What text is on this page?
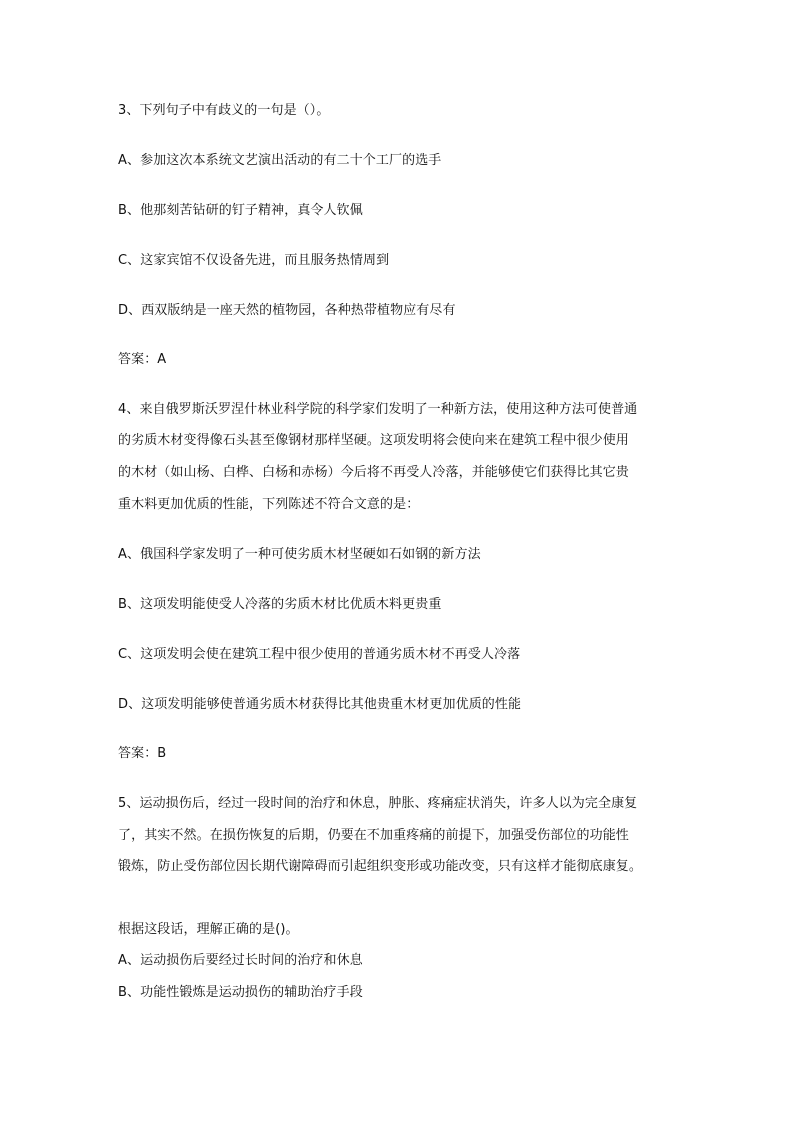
3、下列句子中有歧义的一句是（）。
A、参加这次本系统文艺演出活动的有二十个工厂的选手
B、他那刻苦钻研的钉子精神，真令人钦佩
C、这家宾馆不仅设备先进，而且服务热情周到
D、西双版纳是一座天然的植物园，各种热带植物应有尽有
答案：A
4、来自俄罗斯沃罗涅什林业科学院的科学家们发明了一种新方法，使用这种方法可使普通
的劣质木材变得像石头甚至像钢材那样坚硬。这项发明将会使向来在建筑工程中很少使用
的木材（如山杨、白桦、白杨和赤杨）今后将不再受人冷落，并能够使它们获得比其它贵
重木料更加优质的性能，下列陈述不符合文意的是：
A、俄国科学家发明了一种可使劣质木材坚硬如石如钢的新方法
B、这项发明能使受人冷落的劣质木材比优质木料更贵重
C、这项发明会使在建筑工程中很少使用的普通劣质木材不再受人冷落
D、这项发明能够使普通劣质木材获得比其他贵重木材更加优质的性能
答案：B
5、运动损伤后，经过一段时间的治疗和休息，肿胀、疼痛症状消失，许多人以为完全康复
了，其实不然。在损伤恢复的后期，仍要在不加重疼痛的前提下，加强受伤部位的功能性
锻炼，防止受伤部位因长期代谢障碍而引起组织变形或功能改变，只有这样才能彻底康复。
根据这段话，理解正确的是()。
A、运动损伤后要经过长时间的治疗和休息
B、功能性锻炼是运动损伤的辅助治疗手段
